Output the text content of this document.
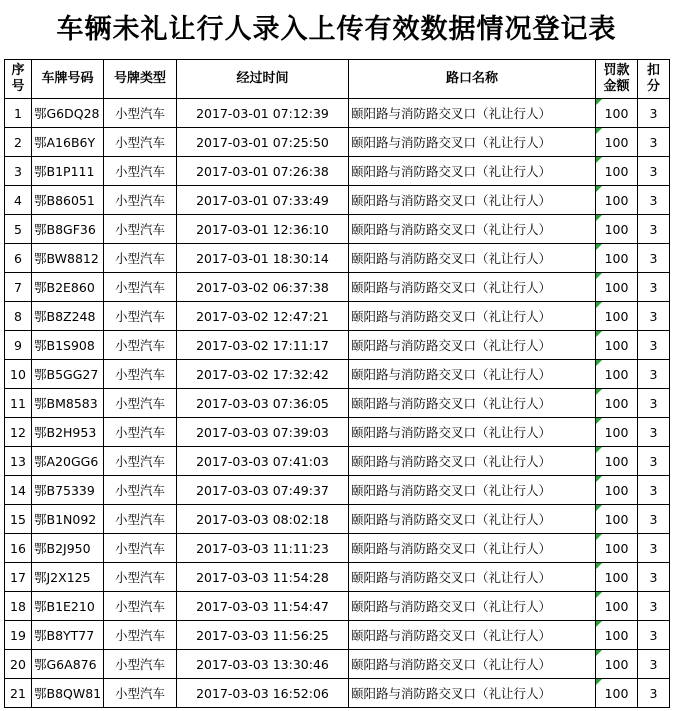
车辆未礼让行人录入上传有效数据情况登记表
序号	车牌号码	号牌类型	经过时间	路口名称	罚款金额	扣分
1	鄂G6DQ28	小型汽车	2017-03-01 07:12:39	颐阳路与消防路交叉口（礼让行人）	100	3
2	鄂A16B6Y	小型汽车	2017-03-01 07:25:50	颐阳路与消防路交叉口（礼让行人）	100	3
3	鄂B1P111	小型汽车	2017-03-01 07:26:38	颐阳路与消防路交叉口（礼让行人）	100	3
4	鄂B86051	小型汽车	2017-03-01 07:33:49	颐阳路与消防路交叉口（礼让行人）	100	3
5	鄂B8GF36	小型汽车	2017-03-01 12:36:10	颐阳路与消防路交叉口（礼让行人）	100	3
6	鄂BW8812	小型汽车	2017-03-01 18:30:14	颐阳路与消防路交叉口（礼让行人）	100	3
7	鄂B2E860	小型汽车	2017-03-02 06:37:38	颐阳路与消防路交叉口（礼让行人）	100	3
8	鄂B8Z248	小型汽车	2017-03-02 12:47:21	颐阳路与消防路交叉口（礼让行人）	100	3
9	鄂B1S908	小型汽车	2017-03-02 17:11:17	颐阳路与消防路交叉口（礼让行人）	100	3
10	鄂B5GG27	小型汽车	2017-03-02 17:32:42	颐阳路与消防路交叉口（礼让行人）	100	3
11	鄂BM8583	小型汽车	2017-03-03 07:36:05	颐阳路与消防路交叉口（礼让行人）	100	3
12	鄂B2H953	小型汽车	2017-03-03 07:39:03	颐阳路与消防路交叉口（礼让行人）	100	3
13	鄂A20GG6	小型汽车	2017-03-03 07:41:03	颐阳路与消防路交叉口（礼让行人）	100	3
14	鄂B75339	小型汽车	2017-03-03 07:49:37	颐阳路与消防路交叉口（礼让行人）	100	3
15	鄂B1N092	小型汽车	2017-03-03 08:02:18	颐阳路与消防路交叉口（礼让行人）	100	3
16	鄂B2J950	小型汽车	2017-03-03 11:11:23	颐阳路与消防路交叉口（礼让行人）	100	3
17	鄂J2X125	小型汽车	2017-03-03 11:54:28	颐阳路与消防路交叉口（礼让行人）	100	3
18	鄂B1E210	小型汽车	2017-03-03 11:54:47	颐阳路与消防路交叉口（礼让行人）	100	3
19	鄂B8YT77	小型汽车	2017-03-03 11:56:25	颐阳路与消防路交叉口（礼让行人）	100	3
20	鄂G6A876	小型汽车	2017-03-03 13:30:46	颐阳路与消防路交叉口（礼让行人）	100	3
21	鄂B8QW81	小型汽车	2017-03-03 16:52:06	颐阳路与消防路交叉口（礼让行人）	100	3
